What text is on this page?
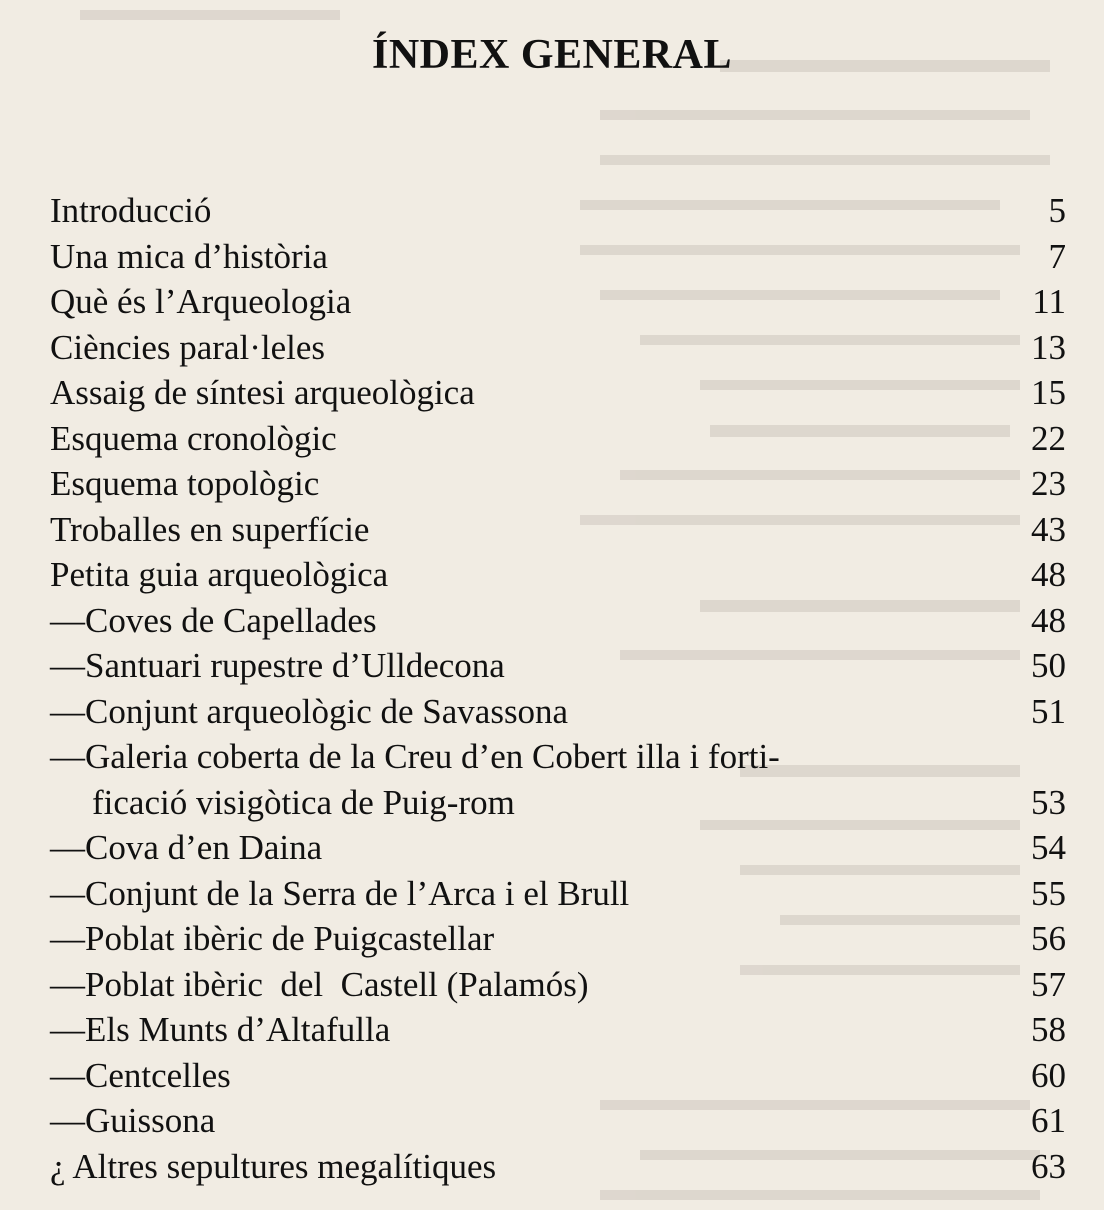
ÍNDEX GENERAL
Introducció	5
Una mica d’història	7
Què és l’Arqueologia	11
Ciències paral·leles	13
Assaig de síntesi arqueològica	15
Esquema cronològic	22
Esquema topològic	23
Troballes en superfície	43
Petita guia arqueològica	48
—Coves de Capellades	48
—Santuari rupestre d’Ulldecona	50
—Conjunt arqueològic de Savassona	51
—Galeria coberta de la Creu d’en Cobert illa i forti-
ficació visigòtica de Puig-rom	53
—Cova d’en Daina	54
—Conjunt de la Serra de l’Arca i el Brull	55
—Poblat ibèric de Puigcastellar	56
—Poblat ibèric  del  Castell (Palamós)	57
—Els Munts d’Altafulla	58
—Centcelles	60
—Guissona	61
¿ Altres sepultures megalítiques	63
